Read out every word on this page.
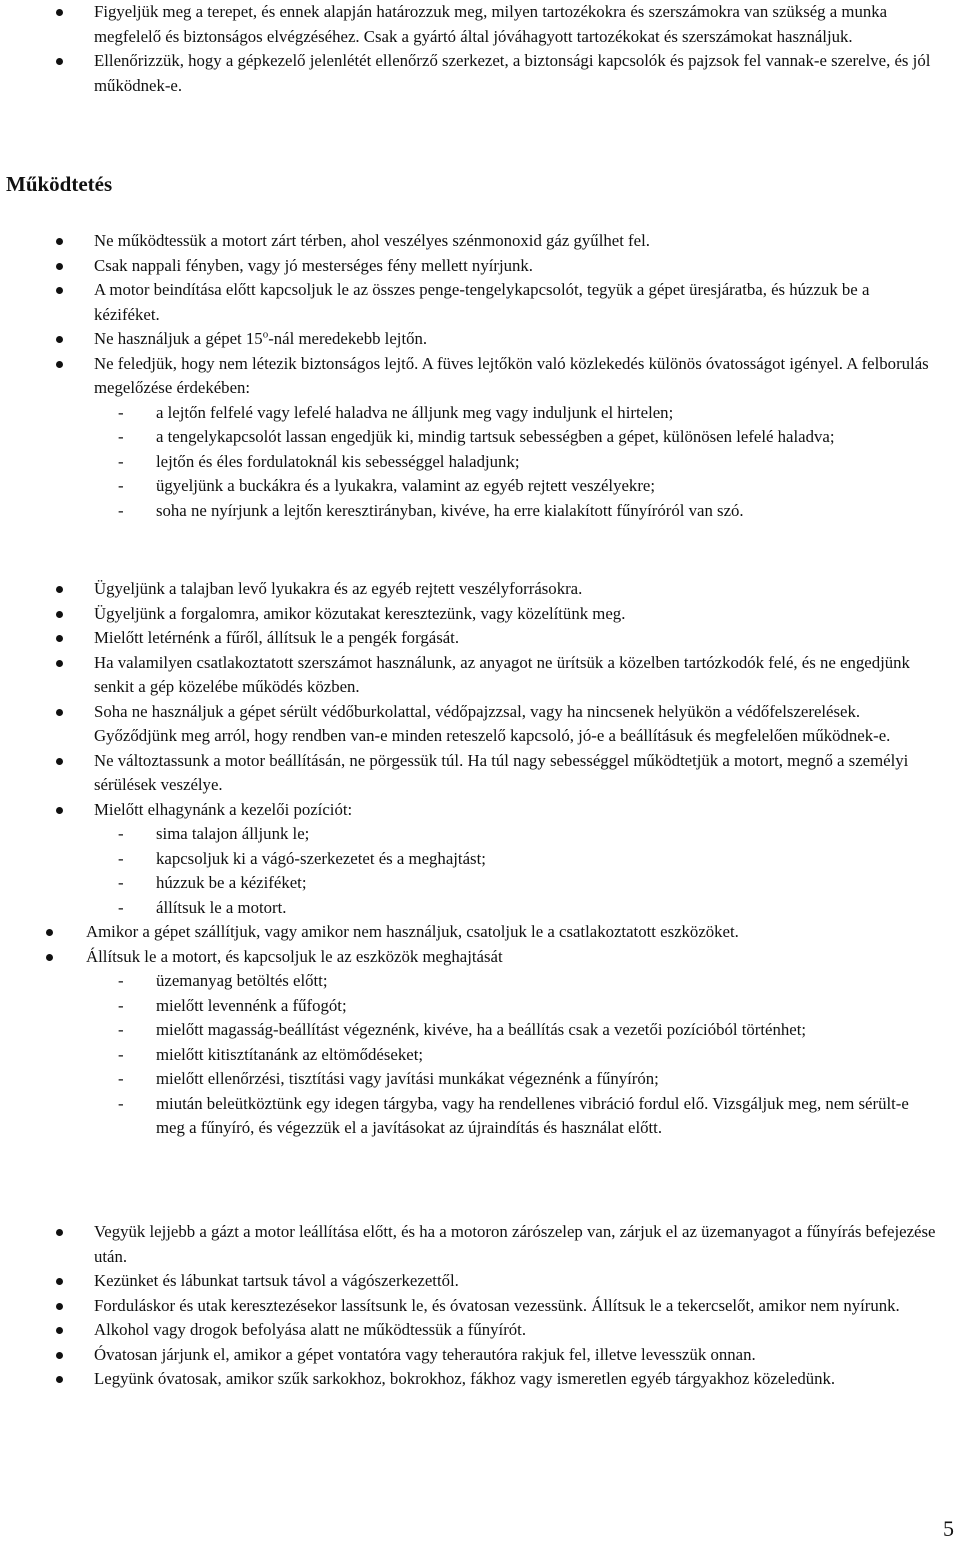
Figyeljük meg a terepet, és ennek alapján határozzuk meg, milyen tartozékokra és szerszámokra van szükség a munka megfelelő és biztonságos elvégzéséhez. Csak a gyártó által jóváhagyott tartozékokat és szerszámokat használjuk.
Ellenőrizzük, hogy a gépkezelő jelenlétét ellenőrző szerkezet, a biztonsági kapcsolók és pajzsok fel vannak-e szerelve, és jól működnek-e.
Működtetés
Ne működtessük a motort zárt térben, ahol veszélyes szénmonoxid gáz gyűlhet fel.
Csak nappali fényben, vagy jó mesterséges fény mellett nyírjunk.
A motor beindítása előtt kapcsoljuk le az összes penge-tengelykapcsolót, tegyük a gépet üresjáratba, és húzzuk be a kéziféket.
Ne használjuk a gépet 15$^o$-nál meredekebb lejtőn.
Ne feledjük, hogy nem létezik biztonságos lejtő. A füves lejtőkön való közlekedés különös óvatosságot igényel. A felborulás megelőzése érdekében:
- a lejtőn felfelé vagy lefelé haladva ne álljunk meg vagy induljunk el hirtelen;
- a tengelykapcsolót lassan engedjük ki, mindig tartsuk sebességben a gépet, különösen lefelé haladva;
- lejtőn és éles fordulatoknál kis sebességgel haladjunk;
- ügyeljünk a buckákra és a lyukakra, valamint az egyéb rejtett veszélyekre;
- soha ne nyírjunk a lejtőn keresztirányban, kivéve, ha erre kialakított fűnyíróról van szó.
Ügyeljünk a talajban levő lyukakra és az egyéb rejtett veszélyforrásokra.
Ügyeljünk a forgalomra, amikor közutakat keresztezünk, vagy közelítünk meg.
Mielőtt letérnénk a fűről, állítsuk le a pengék forgását.
Ha valamilyen csatlakoztatott szerszámot használunk, az anyagot ne ürítsük a közelben tartózkodók felé, és ne engedjünk senkit a gép közelébe működés közben.
Soha ne használjuk a gépet sérült védőburkolattal, védőpajzzsal, vagy ha nincsenek helyükön a védőfelszerelések. Győződjünk meg arról, hogy rendben van-e minden reteszelő kapcsoló, jó-e a beállításuk és megfelelően működnek-e.
Ne változtassunk a motor beállításán, ne pörgessük túl. Ha túl nagy sebességgel működtetjük a motort, megnő a személyi sérülések veszélye.
Mielőtt elhagynánk a kezelői pozíciót:
- sima talajon álljunk le;
- kapcsoljuk ki a vágó-szerkezetet és a meghajtást;
- húzzuk be a kéziféket;
- állítsuk le a motort.
Amikor a gépet szállítjuk, vagy amikor nem használjuk, csatoljuk le a csatlakoztatott eszközöket.
Állítsuk le a motort, és kapcsoljuk le az eszközök meghajtását
- üzemanyag betöltés előtt;
- mielőtt levennénk a fűfogót;
- mielőtt magasság-beállítást végeznénk, kivéve, ha a beállítás csak a vezetői pozícióból történhet;
- mielőtt kitisztítanánk az eltömődéseket;
- mielőtt ellenőrzési, tisztítási vagy javítási munkákat végeznénk a fűnyírón;
- miután beleütköztünk egy idegen tárgyba, vagy ha rendellenes vibráció fordul elő. Vizsgáljuk meg, nem sérült-e meg a fűnyíró, és végezzük el a javításokat az újraindítás és használat előtt.
Vegyük lejjebb a gázt a motor leállítása előtt, és ha a motoron zárószelep van, zárjuk el az üzemanyagot a fűnyírás befejezése után.
Kezünket és lábunkat tartsuk távol a vágószerkezettől.
Forduláskor és utak keresztezésekor lassítsunk le, és óvatosan vezessünk. Állítsuk le a tekercselőt, amikor nem nyírunk.
Alkohol vagy drogok befolyása alatt ne működtessük a fűnyírót.
Óvatosan járjunk el, amikor a gépet vontatóra vagy teherautóra rakjuk fel, illetve levesszük onnan.
Legyünk óvatosak, amikor szűk sarkokhoz, bokrokhoz, fákhoz vagy ismeretlen egyéb tárgyakhoz közeledünk.
5
